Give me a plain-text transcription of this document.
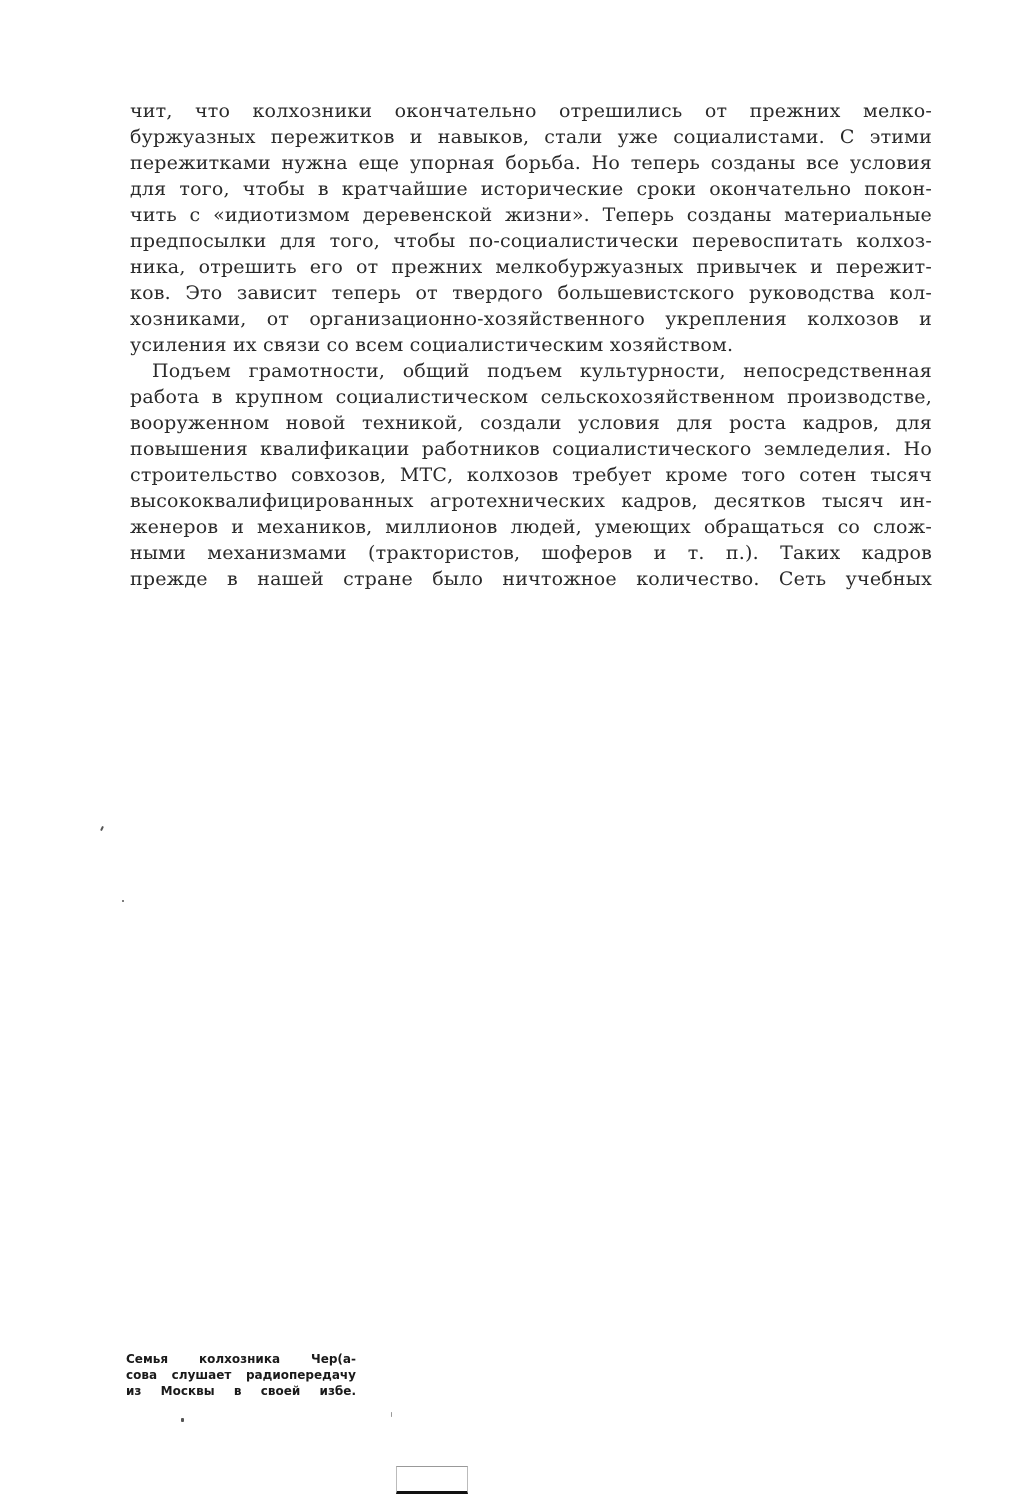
чит, что колхозники окончательно отрешились от прежних мелко-

буржуазных пережитков и навыков, стали уже социалистами. С этими

пережитками нужна еще упорная борьба. Но теперь созданы все условия

для того, чтобы в кратчайшие исторические сроки окончательно покон-

чить с «идиотизмом деревенской жизни». Теперь созданы материальные

предпосылки для того, чтобы по-социалистически перевоспитать колхоз-

ника, отрешить его от прежних мелкобуржуазных привычек и пережит-

ков. Это зависит теперь от твердого большевистского руководства кол-

хозниками, от организационно-хозяйственного укрепления колхозов и

усиления их связи со всем социалистическим хозяйством.

Подъем грамотности, общий подъем культурности, непосредственная

работа в крупном социалистическом сельскохозяйственном производстве,

вооруженном новой техникой, создали условия для роста кадров, для

повышения квалификации работников социалистического земледелия. Но

строительство совхозов, МТС, колхозов требует кроме того сотен тысяч

высококвалифицированных агротехнических кадров, десятков тысяч ин-

женеров и механиков, миллионов людей, умеющих обращаться со слож-

ными механизмами (трактористов, шоферов и т. п.). Таких кадров

прежде в нашей стране было ничтожное количество. Сеть учебных

Семья колхозника Чер(а-
сова слушает радиопередачу
из Москвы в своей избе.
